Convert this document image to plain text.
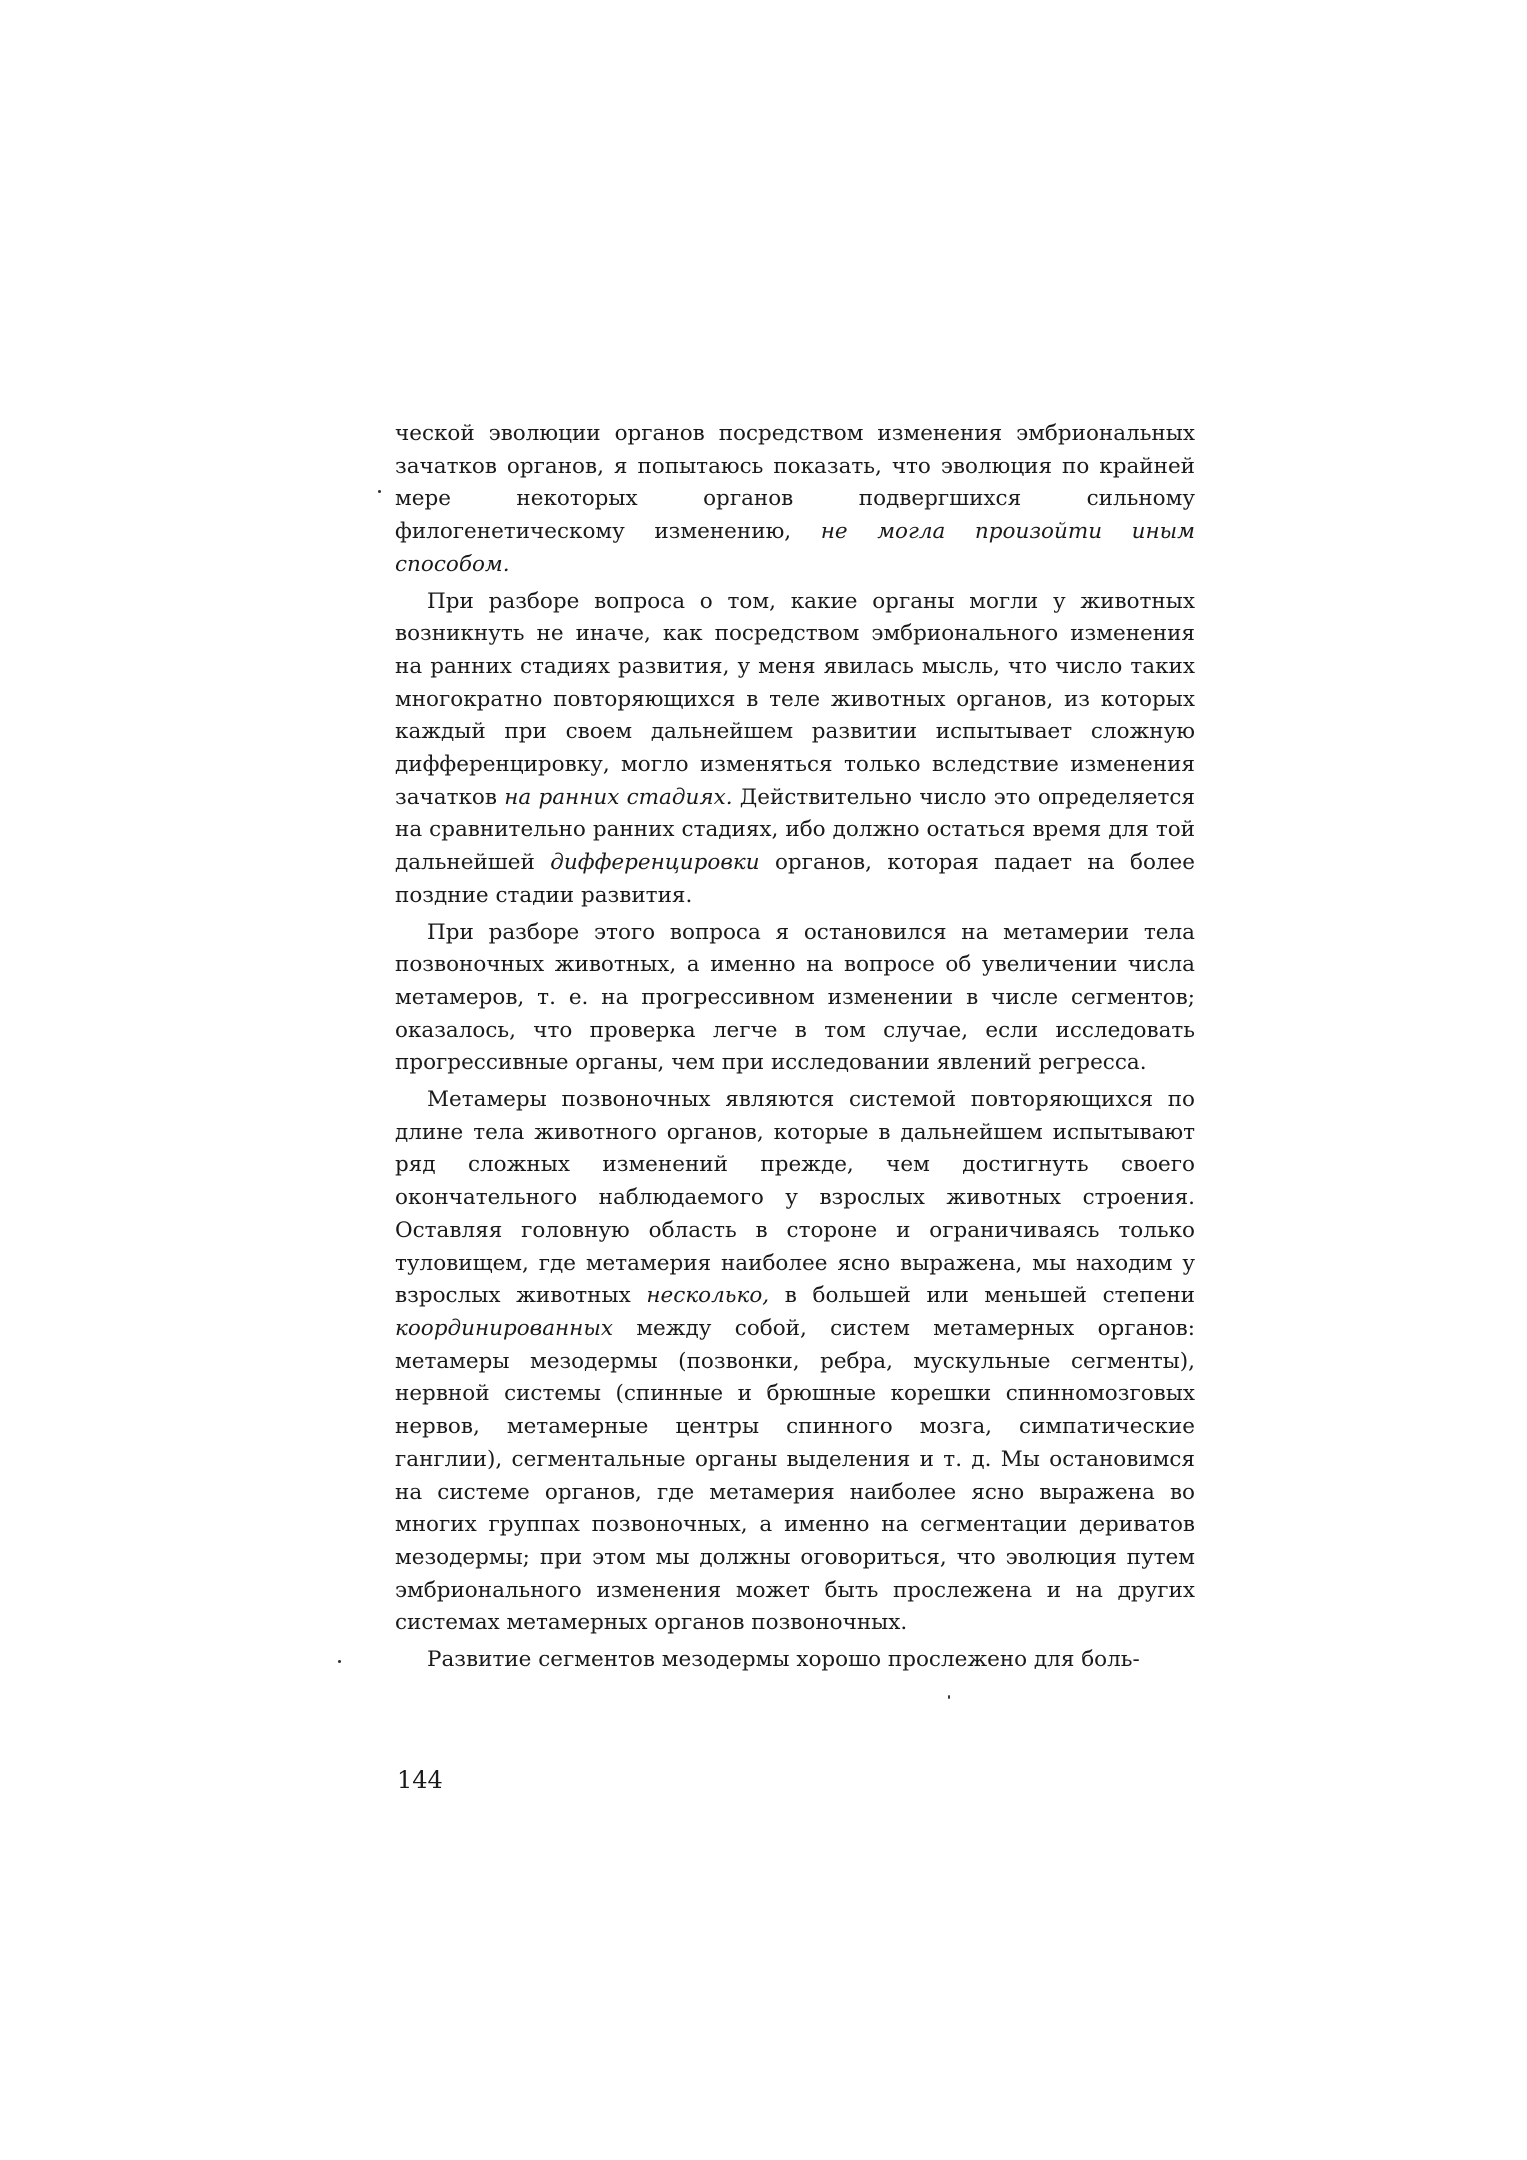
ческой эволюции органов посредством изменения эмбриональных зачатков органов, я попытаюсь показать, что эволюция по крайней мере некоторых органов подвергшихся сильному филогенетическому изменению, не могла произойти иным способом.

При разборе вопроса о том, какие органы могли у животных возникнуть не иначе, как посредством эмбрионального изменения на ранних стадиях развития, у меня явилась мысль, что число таких многократно повторяющихся в теле животных органов, из которых каждый при своем дальнейшем развитии испытывает сложную дифференцировку, могло изменяться только вследствие изменения зачатков на ранних стадиях. Действительно число это определяется на сравнительно ранних стадиях, ибо должно остаться время для той дальнейшей дифференцировки органов, которая падает на более поздние стадии развития.

При разборе этого вопроса я остановился на метамерии тела позвоночных животных, а именно на вопросе об увеличении числа метамеров, т. е. на прогрессивном изменении в числе сегментов; оказалось, что проверка легче в том случае, если исследовать прогрессивные органы, чем при исследовании явлений регресса.

Метамеры позвоночных являются системой повторяющихся по длине тела животного органов, которые в дальнейшем испытывают ряд сложных изменений прежде, чем достигнуть своего окончательного наблюдаемого у взрослых животных строения. Оставляя головную область в стороне и ограничиваясь только туловищем, где метамерия наиболее ясно выражена, мы находим у взрослых животных несколько, в большей или меньшей степени координированных между собой, систем метамерных органов: метамеры мезодермы (позвонки, ребра, мускульные сегменты), нервной системы (спинные и брюшные корешки спинномозговых нервов, метамерные центры спинного мозга, симпатические ганглии), сегментальные органы выделения и т. д. Мы остановимся на системе органов, где метамерия наиболее ясно выражена во многих группах позвоночных, а именно на сегментации дериватов мезодермы; при этом мы должны оговориться, что эволюция путем эмбрионального изменения может быть прослежена и на других системах метамерных органов позвоночных.

Развитие сегментов мезодермы хорошо прослежено для боль-

144
